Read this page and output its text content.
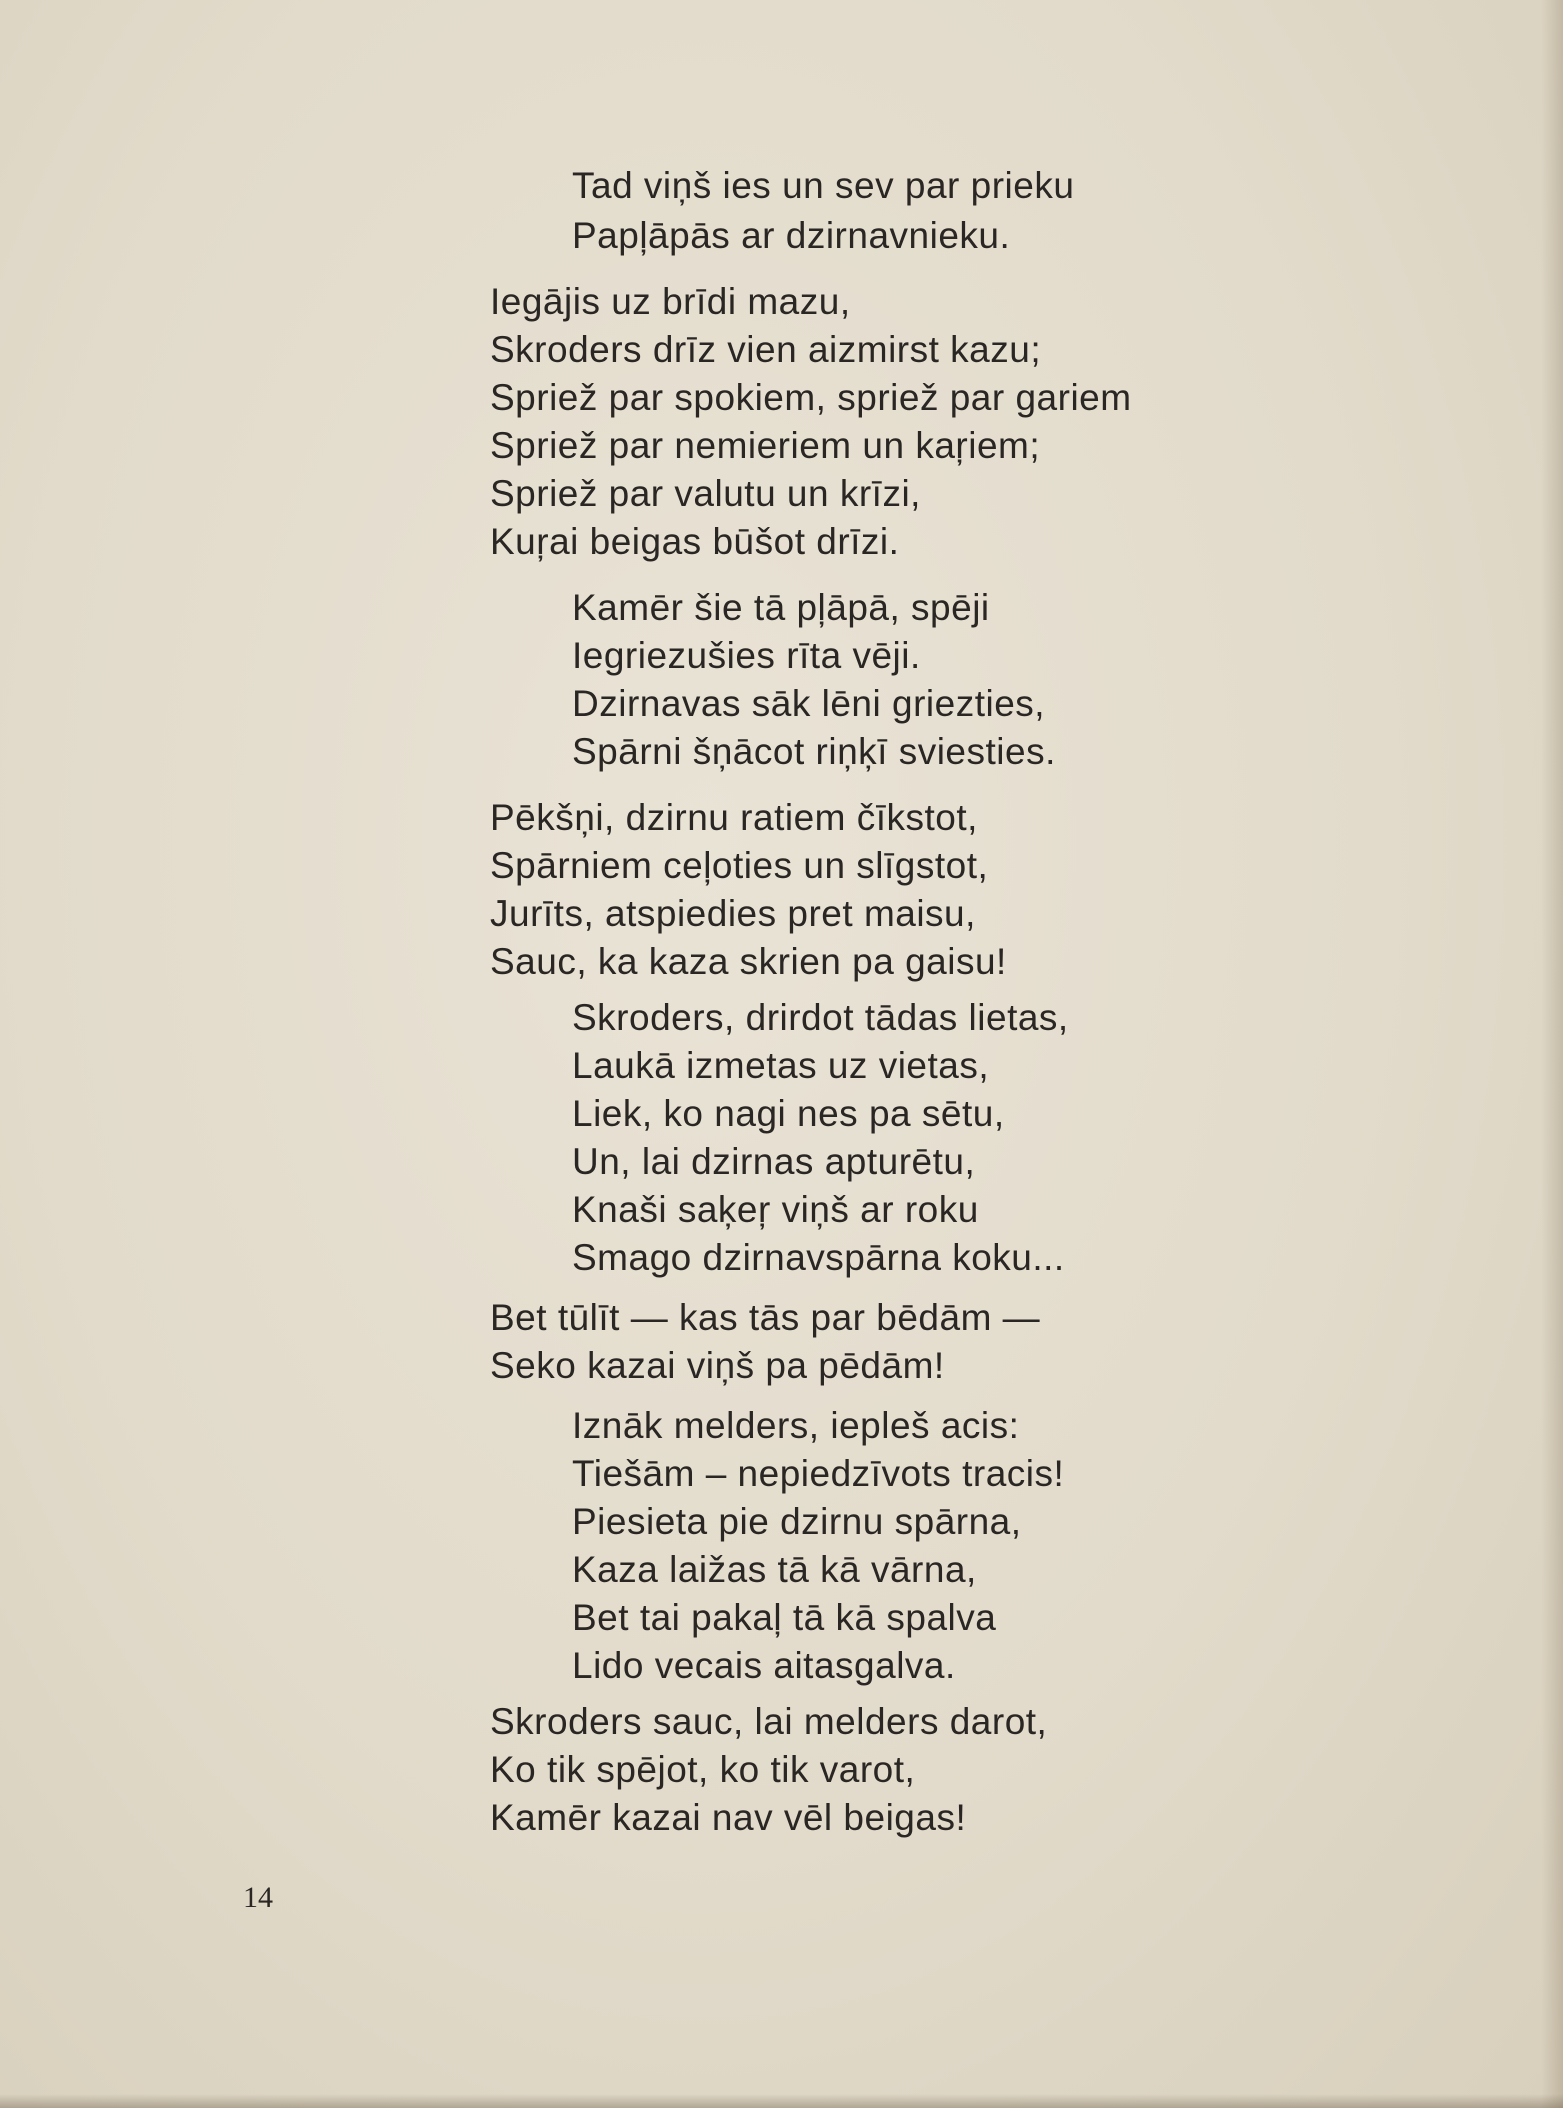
Tad viņš ies un sev par prieku
Papļāpās ar dzirnavnieku.
Iegājis uz brīdi mazu,
Skroders drīz vien aizmirst kazu;
Spriež par spokiem, spriež par gariem
Spriež par nemieriem un kaŗiem;
Spriež par valutu un krīzi,
Kuŗai beigas būšot drīzi.
Kamēr šie tā pļāpā, spēji
Iegriezušies rīta vēji.
Dzirnavas sāk lēni griezties,
Spārni šņācot riņķī sviesties.
Pēkšņi, dzirnu ratiem čīkstot,
Spārniem ceļoties un slīgstot,
Jurīts, atspiedies pret maisu,
Sauc, ka kaza skrien pa gaisu!
Skroders, drirdot tādas lietas,
Laukā izmetas uz vietas,
Liek, ko nagi nes pa sētu,
Un, lai dzirnas apturētu,
Knaši saķeŗ viņš ar roku
Smago dzirnavspārna koku...
Bet tūlīt — kas tās par bēdām —
Seko kazai viņš pa pēdām!
Iznāk melders, iepleš acis:
Tiešām – nepiedzīvots tracis!
Piesieta pie dzirnu spārna,
Kaza laižas tā kā vārna,
Bet tai pakaļ tā kā spalva
Lido vecais aitasgalva.
Skroders sauc, lai melders darot,
Ko tik spējot, ko tik varot,
Kamēr kazai nav vēl beigas!
14
